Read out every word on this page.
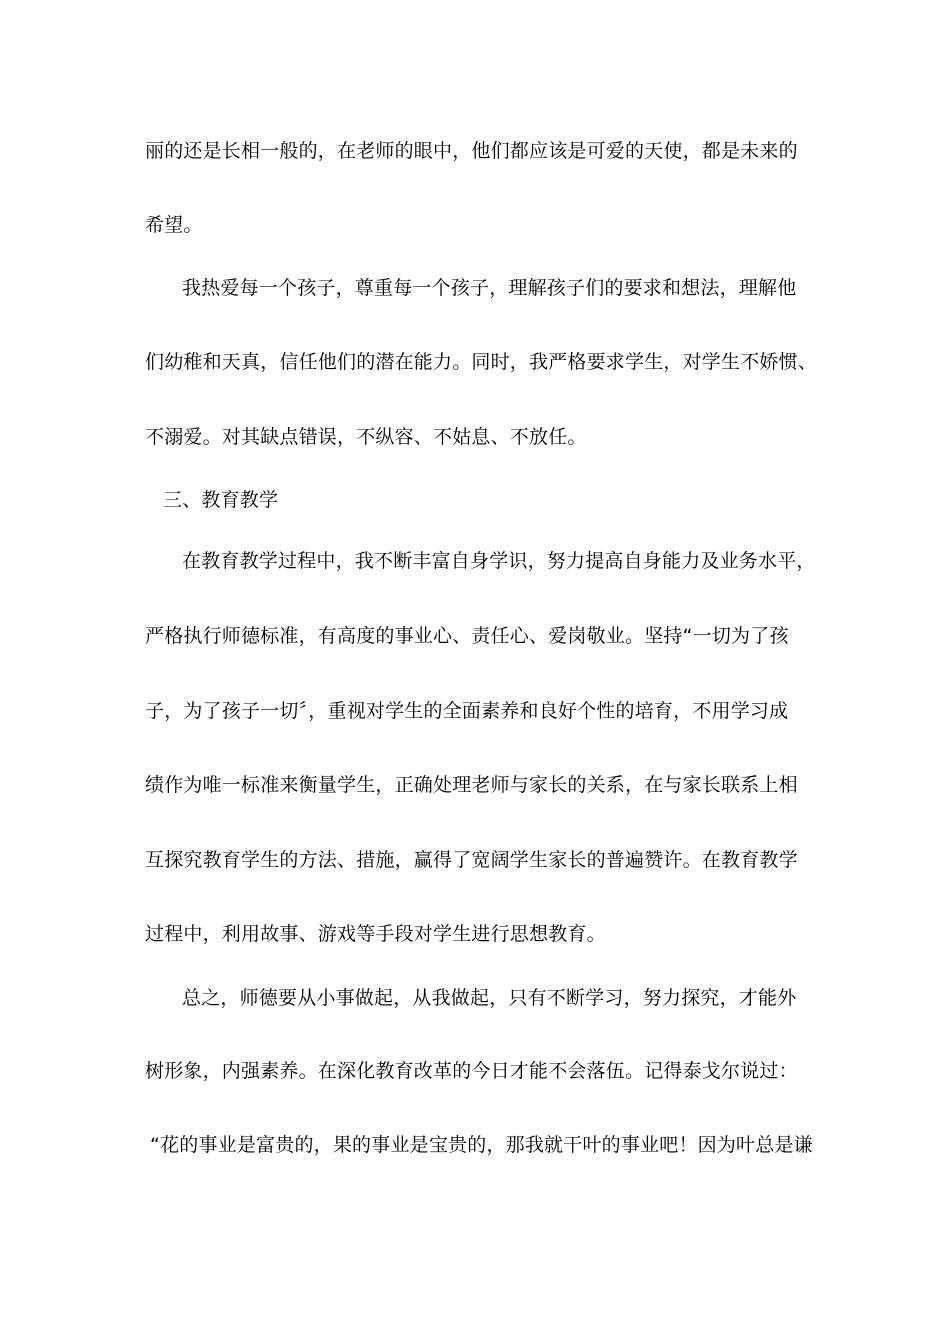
丽的还是长相一般的，在老师的眼中，他们都应该是可爱的天使，都是未来的
希望。
我热爱每一个孩子，尊重每一个孩子，理解孩子们的要求和想法，理解他
们幼稚和天真，信任他们的潜在能力。同时，我严格要求学生，对学生不娇惯、
不溺爱。对其缺点错误，不纵容、不姑息、不放任。
三、教育教学
在教育教学过程中，我不断丰富自身学识，努力提高自身能力及业务水平，
严格执行师德标准，有高度的事业心、责任心、爱岗敬业。坚持“一切为了孩
子，为了孩子一切〞，重视对学生的全面素养和良好个性的培育，不用学习成
绩作为唯一标准来衡量学生，正确处理老师与家长的关系，在与家长联系上相
互探究教育学生的方法、措施，赢得了宽阔学生家长的普遍赞许。在教育教学
过程中，利用故事、游戏等手段对学生进行思想教育。
总之，师德要从小事做起，从我做起，只有不断学习，努力探究，才能外
树形象，内强素养。在深化教育改革的今日才能不会落伍。记得泰戈尔说过：
“花的事业是富贵的，果的事业是宝贵的，那我就干叶的事业吧！因为叶总是谦
